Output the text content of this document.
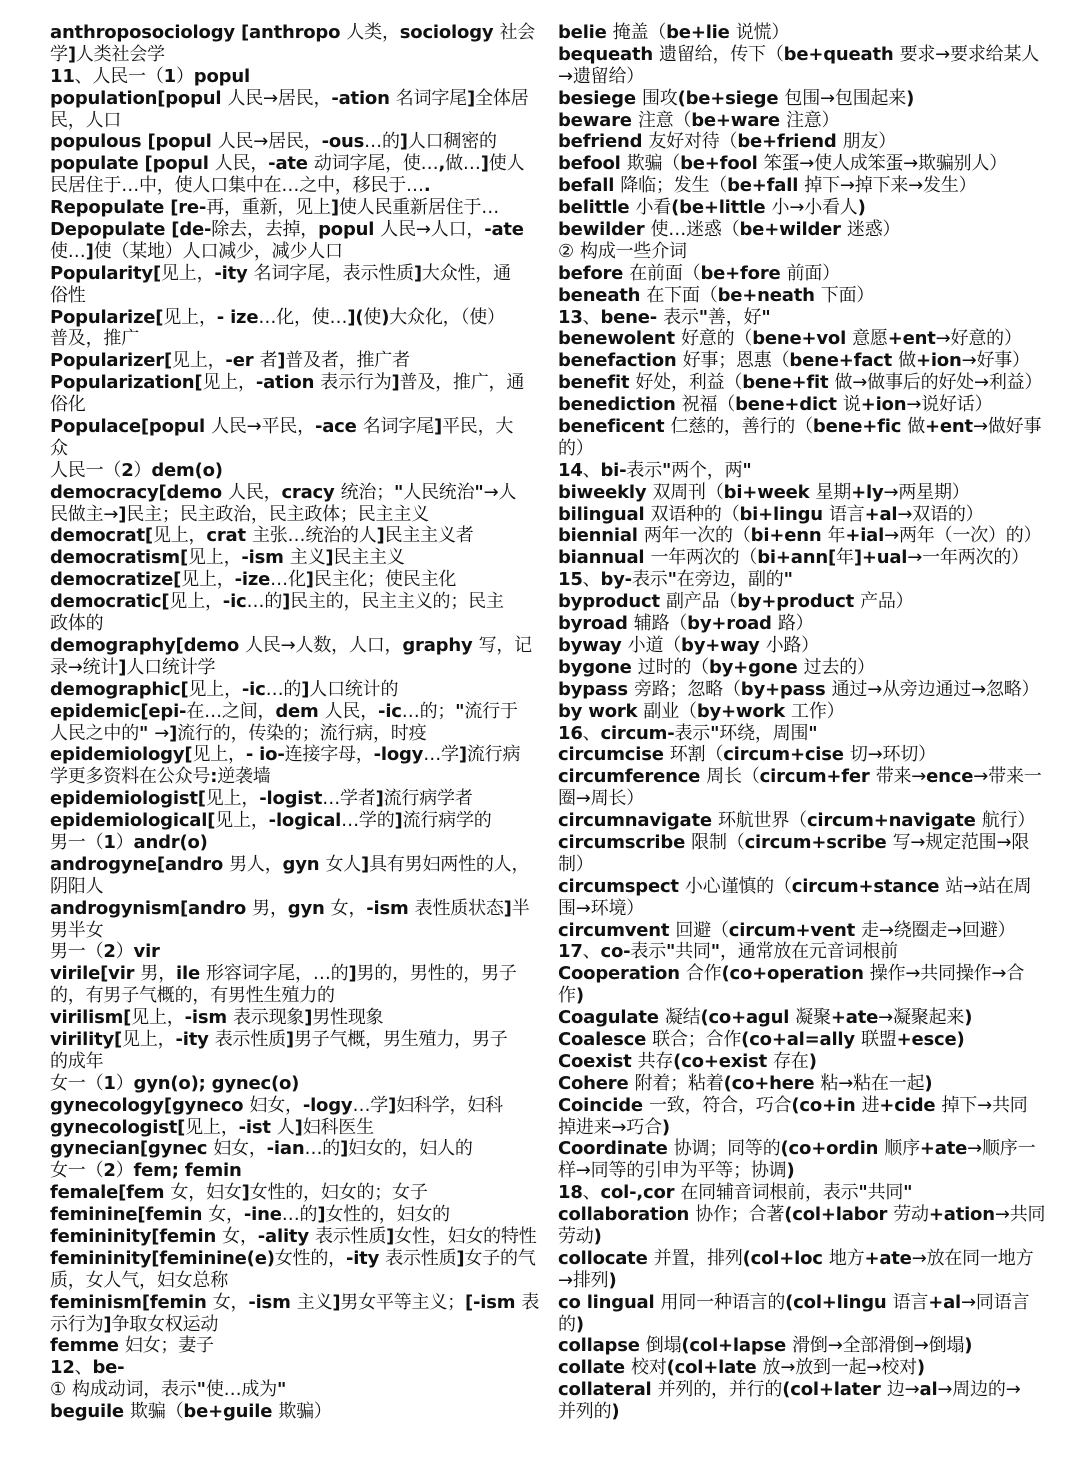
anthroposociology [anthropo 人类，sociology 社会
学]人类社会学
11、人民一（1）popul
population[popul 人民→居民，-ation 名词字尾]全体居
民，人口
populous [popul 人民→居民，-ous…的]人口稠密的
populate [popul 人民，-ate 动词字尾，使…,做…]使人
民居住于…中，使人口集中在…之中，移民于….
Repopulate [re-再，重新，见上]使人民重新居住于…
Depopulate [de-除去，去掉，popul 人民→人口，-ate
使…]使（某地）人口减少，减少人口
Popularity[见上，-ity 名词字尾，表示性质]大众性，通
俗性
Popularize[见上，- ize…化，使…](使)大众化，（使）
普及，推广
Popularizer[见上，-er 者]普及者，推广者
Popularization[见上，-ation 表示行为]普及，推广，通
俗化
Populace[popul 人民→平民，-ace 名词字尾]平民，大
众
人民一（2）dem(o)
democracy[demo 人民，cracy 统治；"人民统治"→人
民做主→]民主；民主政治，民主政体；民主主义
democrat[见上，crat 主张…统治的人]民主主义者
democratism[见上，-ism 主义]民主主义
democratize[见上，-ize…化]民主化；使民主化
democratic[见上，-ic…的]民主的，民主主义的；民主
政体的
demography[demo 人民→人数，人口，graphy 写，记
录→统计]人口统计学
demographic[见上，-ic…的]人口统计的
epidemic[epi-在…之间，dem 人民，-ic…的；"流行于
人民之中的" →]流行的，传染的；流行病，时疫
epidemiology[见上，- io-连接字母，-logy…学]流行病
学更多资料在公众号:逆袭墙
epidemiologist[见上，-logist…学者]流行病学者
epidemiological[见上，-logical…学的]流行病学的
男一（1）andr(o)
androgyne[andro 男人，gyn 女人]具有男妇两性的人，
阴阳人
androgynism[andro 男，gyn 女，-ism 表性质状态]半
男半女
男一（2）vir
virile[vir 男，ile 形容词字尾，…的]男的，男性的，男子
的，有男子气概的，有男性生殖力的
virilism[见上，-ism 表示现象]男性现象
virility[见上，-ity 表示性质]男子气概，男生殖力，男子
的成年
女一（1）gyn(o); gynec(o)
gynecology[gyneco 妇女，-logy…学]妇科学，妇科
gynecologist[见上，-ist 人]妇科医生
gynecian[gynec 妇女，-ian…的]妇女的，妇人的
女一（2）fem; femin
female[fem 女，妇女]女性的，妇女的；女子
feminine[femin 女，-ine…的]女性的，妇女的
femininity[femin 女，-ality 表示性质]女性，妇女的特性
femininity[feminine(e)女性的，-ity 表示性质]女子的气
质，女人气，妇女总称
feminism[femin 女，-ism 主义]男女平等主义；[-ism 表
示行为]争取女权运动
femme 妇女；妻子
12、be-
① 构成动词，表示"使…成为"
beguile 欺骗（be+guile 欺骗）
belie 掩盖（be+lie 说慌）
bequeath 遗留给，传下（be+queath 要求→要求给某人
→遗留给）
besiege 围攻(be+siege 包围→包围起来)
beware 注意（be+ware 注意）
befriend 友好对待（be+friend 朋友）
befool 欺骗（be+fool 笨蛋→使人成笨蛋→欺骗别人）
befall 降临；发生（be+fall 掉下→掉下来→发生）
belittle 小看(be+little 小→小看人)
bewilder 使…迷惑（be+wilder 迷惑）
② 构成一些介词
before 在前面（be+fore 前面）
beneath 在下面（be+neath 下面）
13、bene- 表示"善，好"
benewolent 好意的（bene+vol 意愿+ent→好意的）
benefaction 好事；恩惠（bene+fact 做+ion→好事）
benefit 好处，利益（bene+fit 做→做事后的好处→利益）
benediction 祝福（bene+dict 说+ion→说好话）
beneficent 仁慈的，善行的（bene+fic 做+ent→做好事
的）
14、bi-表示"两个，两"
biweekly 双周刊（bi+week 星期+ly→两星期）
bilingual 双语种的（bi+lingu 语言+al→双语的）
biennial 两年一次的（bi+enn 年+ial→两年（一次）的）
biannual 一年两次的（bi+ann[年]+ual→一年两次的）
15、by-表示"在旁边，副的"
byproduct 副产品（by+product 产品）
byroad 辅路（by+road 路）
byway 小道（by+way 小路）
bygone 过时的（by+gone 过去的）
bypass 旁路；忽略（by+pass 通过→从旁边通过→忽略）
by work 副业（by+work 工作）
16、circum-表示"环绕，周围"
circumcise 环割（circum+cise 切→环切）
circumference 周长（circum+fer 带来→ence→带来一
圈→周长）
circumnavigate 环航世界（circum+navigate 航行）
circumscribe 限制（circum+scribe 写→规定范围→限
制）
circumspect 小心谨慎的（circum+stance 站→站在周
围→环境）
circumvent 回避（circum+vent 走→绕圈走→回避）
17、co-表示"共同"，通常放在元音词根前
Cooperation 合作(co+operation 操作→共同操作→合
作)
Coagulate 凝结(co+agul 凝聚+ate→凝聚起来)
Coalesce 联合；合作(co+al=ally 联盟+esce)
Coexist 共存(co+exist 存在)
Cohere 附着；粘着(co+here 粘→粘在一起)
Coincide 一致，符合，巧合(co+in 进+cide 掉下→共同
掉进来→巧合)
Coordinate 协调；同等的(co+ordin 顺序+ate→顺序一
样→同等的引申为平等；协调)
18、col-,cor 在同辅音词根前，表示"共同"
collaboration 协作；合著(col+labor 劳动+ation→共同
劳动)
collocate 并置，排列(col+loc 地方+ate→放在同一地方
→排列)
co lingual 用同一种语言的(col+lingu 语言+al→同语言
的)
collapse 倒塌(col+lapse 滑倒→全部滑倒→倒塌)
collate 校对(col+late 放→放到一起→校对)
collateral 并列的，并行的(col+later 边→al→周边的→
并列的)
